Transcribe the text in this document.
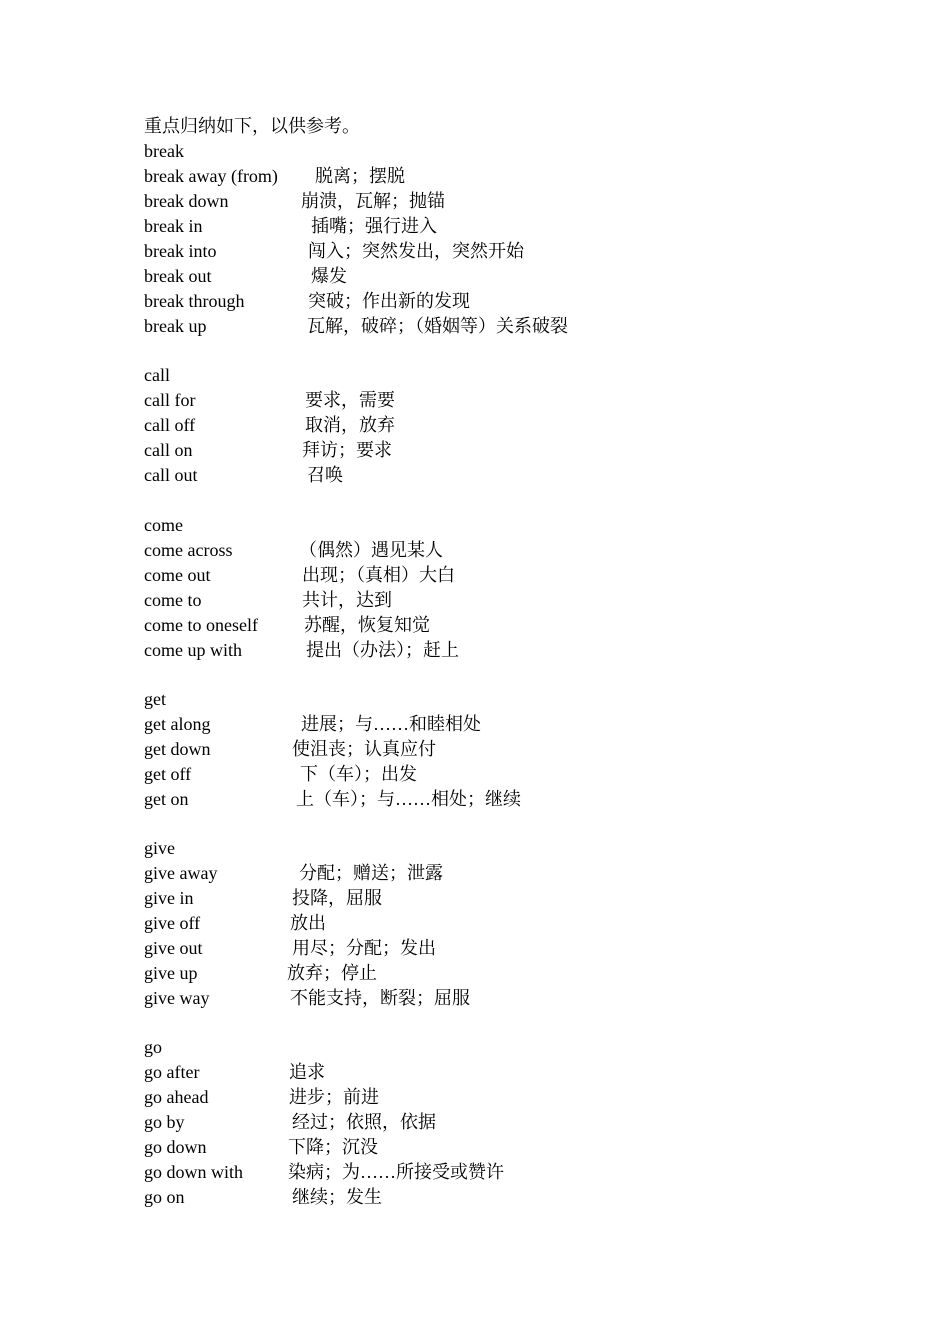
重点归纳如下，以供参考。
break
break away (from) 脱离；摆脱
break down	崩溃，瓦解；抛锚
break in	插嘴；强行进入
break into	闯入；突然发出，突然开始
break out	爆发
break through	突破；作出新的发现
break up	瓦解，破碎；（婚姻等）关系破裂
call
call for	要求，需要
call off	取消，放弃
call on	拜访；要求
call out	召唤
come
come across	（偶然）遇见某人
come out	出现；（真相）大白
come to	共计，达到
come to oneself	苏醒，恢复知觉
come up with	提出（办法）；赶上
get
get along	进展；与……和睦相处
get down	使沮丧；认真应付
get off	下（车）；出发
get on	上（车）；与……相处；继续
give
give away	分配；赠送；泄露
give in	投降，屈服
give off	放出
give out	用尽；分配；发出
give up	放弃；停止
give way	不能支持，断裂；屈服
go
go after	追求
go ahead	进步；前进
go by	经过；依照，依据
go down	下降；沉没
go down with	染病；为……所接受或赞许
go on	继续；发生
